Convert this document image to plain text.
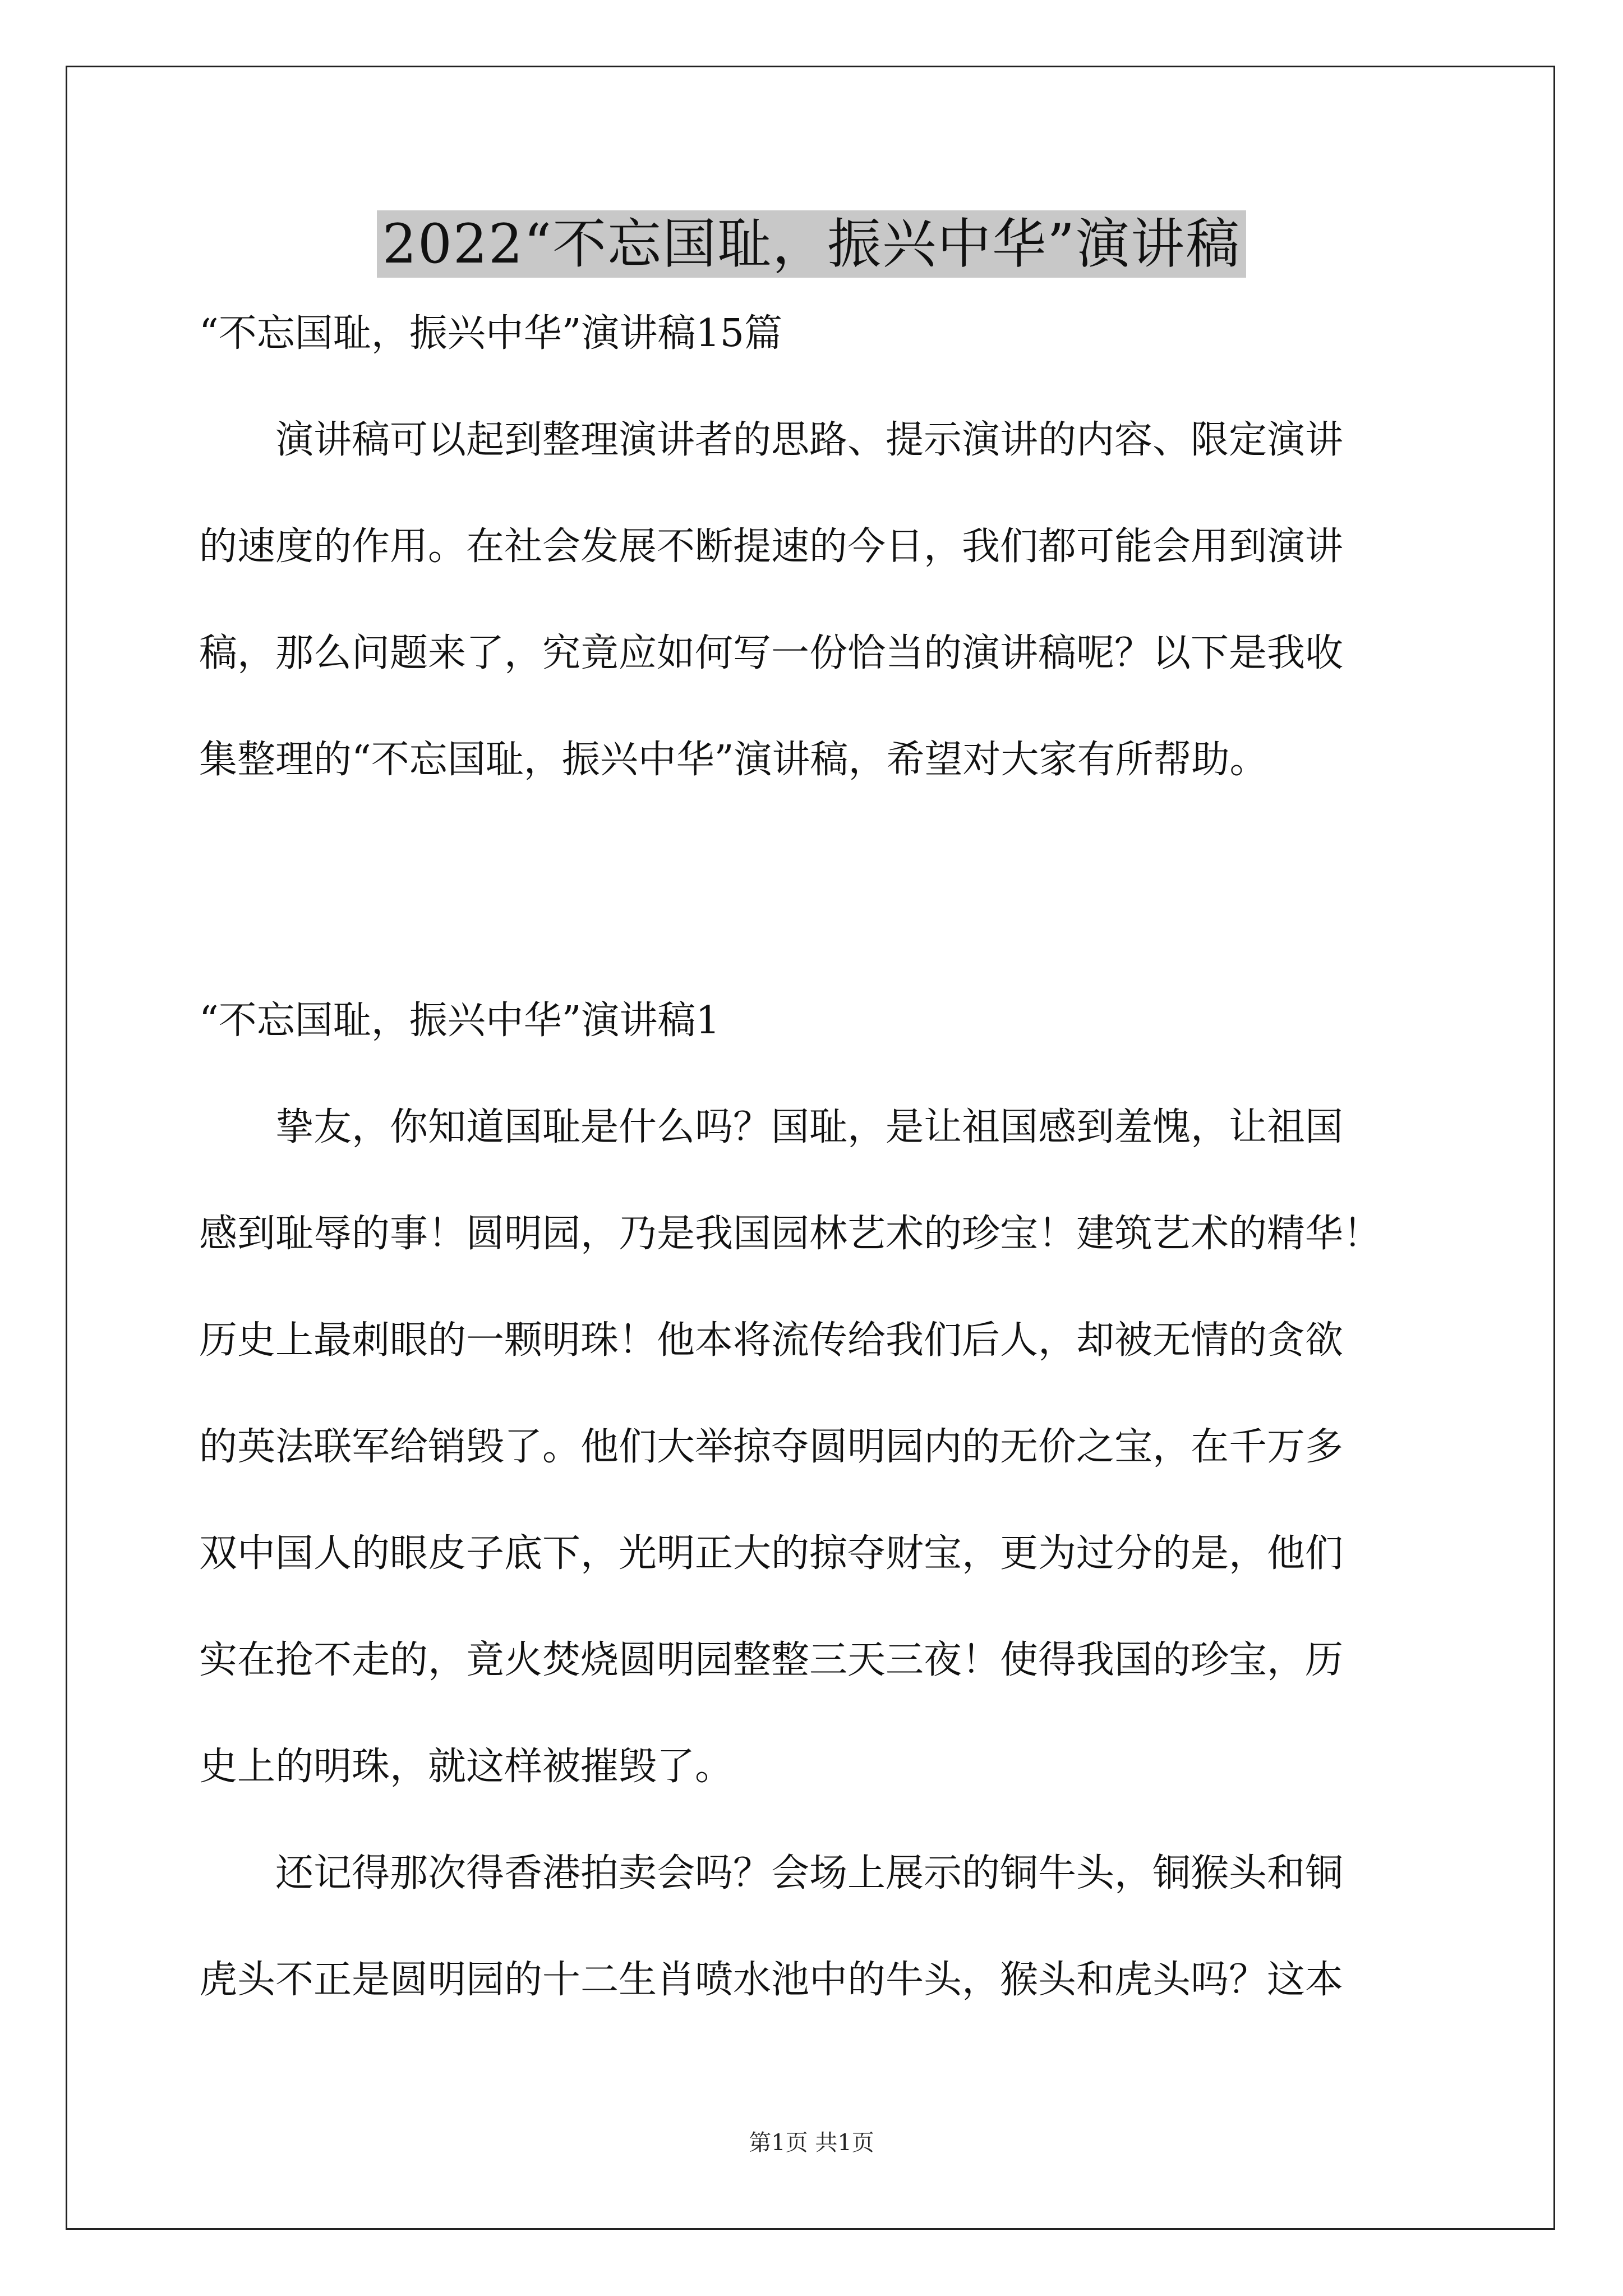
2022“不忘国耻，振兴中华”演讲稿
“不忘国耻，振兴中华”演讲稿15篇
演讲稿可以起到整理演讲者的思路、提示演讲的内容、限定演讲
的速度的作用。在社会发展不断提速的今日，我们都可能会用到演讲
稿，那么问题来了，究竟应如何写一份恰当的演讲稿呢？以下是我收
集整理的“不忘国耻，振兴中华”演讲稿，希望对大家有所帮助。
“不忘国耻，振兴中华”演讲稿1
挚友，你知道国耻是什么吗？国耻，是让祖国感到羞愧，让祖国
感到耻辱的事！圆明园，乃是我国园林艺术的珍宝！建筑艺术的精华！
历史上最刺眼的一颗明珠！他本将流传给我们后人，却被无情的贪欲
的英法联军给销毁了。他们大举掠夺圆明园内的无价之宝，在千万多
双中国人的眼皮子底下，光明正大的掠夺财宝，更为过分的是，他们
实在抢不走的，竟火焚烧圆明园整整三天三夜！使得我国的珍宝，历
史上的明珠，就这样被摧毁了。
还记得那次得香港拍卖会吗？会场上展示的铜牛头，铜猴头和铜
虎头不正是圆明园的十二生肖喷水池中的牛头，猴头和虎头吗？这本
第1页 共1页
